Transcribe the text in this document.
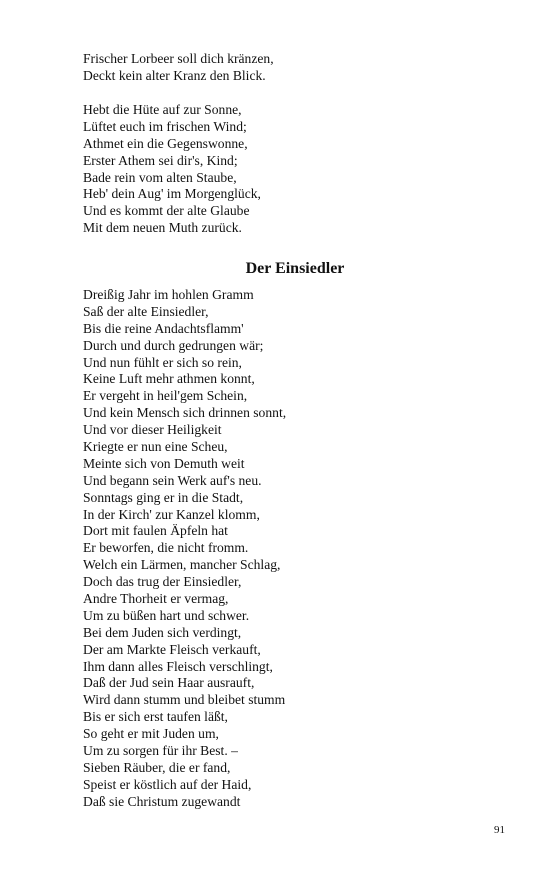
Frischer Lorbeer soll dich kränzen,
Deckt kein alter Kranz den Blick.
Hebt die Hüte auf zur Sonne,
Lüftet euch im frischen Wind;
Athmet ein die Gegenswonne,
Erster Athem sei dir's, Kind;
Bade rein vom alten Staube,
Heb' dein Aug' im Morgenglück,
Und es kommt der alte Glaube
Mit dem neuen Muth zurück.
Der Einsiedler
Dreißig Jahr im hohlen Gramm
Saß der alte Einsiedler,
Bis die reine Andachtsflamm'
Durch und durch gedrungen wär;
Und nun fühlt er sich so rein,
Keine Luft mehr athmen konnt,
Er vergeht in heil'gem Schein,
Und kein Mensch sich drinnen sonnt,
Und vor dieser Heiligkeit
Kriegte er nun eine Scheu,
Meinte sich von Demuth weit
Und begann sein Werk auf's neu.
Sonntags ging er in die Stadt,
In der Kirch' zur Kanzel klomm,
Dort mit faulen Äpfeln hat
Er beworfen, die nicht fromm.
Welch ein Lärmen, mancher Schlag,
Doch das trug der Einsiedler,
Andre Thorheit er vermag,
Um zu büßen hart und schwer.
Bei dem Juden sich verdingt,
Der am Markte Fleisch verkauft,
Ihm dann alles Fleisch verschlingt,
Daß der Jud sein Haar ausrauft,
Wird dann stumm und bleibet stumm
Bis er sich erst taufen läßt,
So geht er mit Juden um,
Um zu sorgen für ihr Best. –
Sieben Räuber, die er fand,
Speist er köstlich auf der Haid,
Daß sie Christum zugewandt
91
